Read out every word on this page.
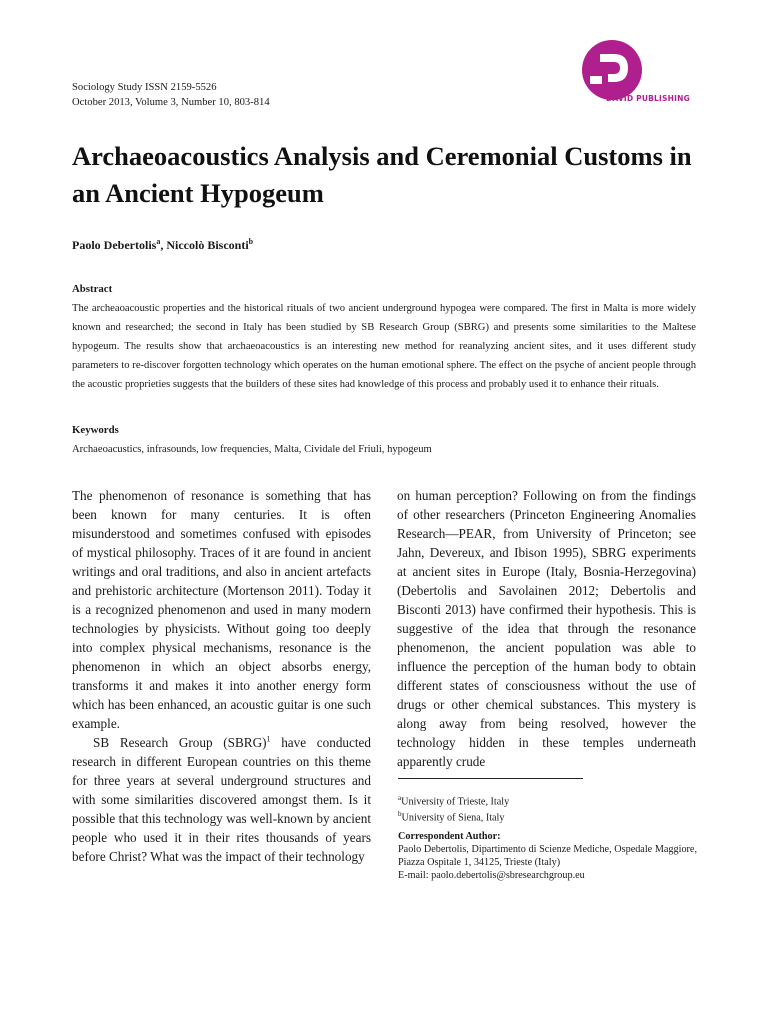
Sociology Study ISSN 2159-5526
October 2013, Volume 3, Number 10, 803-814	DAVID PUBLISHING
Archaeoacoustics Analysis and Ceremonial Customs in an Ancient Hypogeum
Paolo Debertolis$^a$, Niccolò Bisconti$^b$
Abstract
The archeaoacoustic properties and the historical rituals of two ancient underground hypogea were compared. The first in Malta is more widely known and researched; the second in Italy has been studied by SB Research Group (SBRG) and presents some similarities to the Maltese hypogeum. The results show that archaeoacoustics is an interesting new method for reanalyzing ancient sites, and it uses different study parameters to re-discover forgotten technology which operates on the human emotional sphere. The effect on the psyche of ancient people through the acoustic proprieties suggests that the builders of these sites had knowledge of this process and probably used it to enhance their rituals.
Keywords
Archaeoacustics, infrasounds, low frequencies, Malta, Cividale del Friuli, hypogeum

The phenomenon of resonance is something that has been known for many centuries. It is often misunderstood and sometimes confused with episodes of mystical philosophy. Traces of it are found in ancient writings and oral traditions, and also in ancient artefacts and prehistoric architecture (Mortenson 2011). Today it is a recognized phenomenon and used in many modern technologies by physicists. Without going too deeply into complex physical mechanisms, resonance is the phenomenon in which an object absorbs energy, transforms it and makes it into another energy form which has been enhanced, an acoustic guitar is one such example.

SB Research Group (SBRG)$^1$ have conducted research in different European countries on this theme for three years at several underground structures and with some similarities discovered amongst them. Is it possible that this technology was well-known by ancient people who used it in their rites thousands of years before Christ? What was the impact of their technology

on human perception? Following on from the findings of other researchers (Princeton Engineering Anomalies Research—PEAR, from University of Princeton; see Jahn, Devereux, and Ibison 1995), SBRG experiments at ancient sites in Europe (Italy, Bosnia-Herzegovina) (Debertolis and Savolainen 2012; Debertolis and Bisconti 2013) have confirmed their hypothesis. This is suggestive of the idea that through the resonance phenomenon, the ancient population was able to influence the perception of the human body to obtain different states of consciousness without the use of drugs or other chemical substances. This mystery is along away from being resolved, however the technology hidden in these temples underneath apparently crude

$^a$University of Trieste, Italy
$^b$University of Siena, Italy
Correspondent Author:
Paolo Debertolis, Dipartimento di Scienze Mediche, Ospedale Maggiore, Piazza Ospitale 1, 34125, Trieste (Italy)
E-mail: paolo.debertolis@sbresearchgroup.eu
